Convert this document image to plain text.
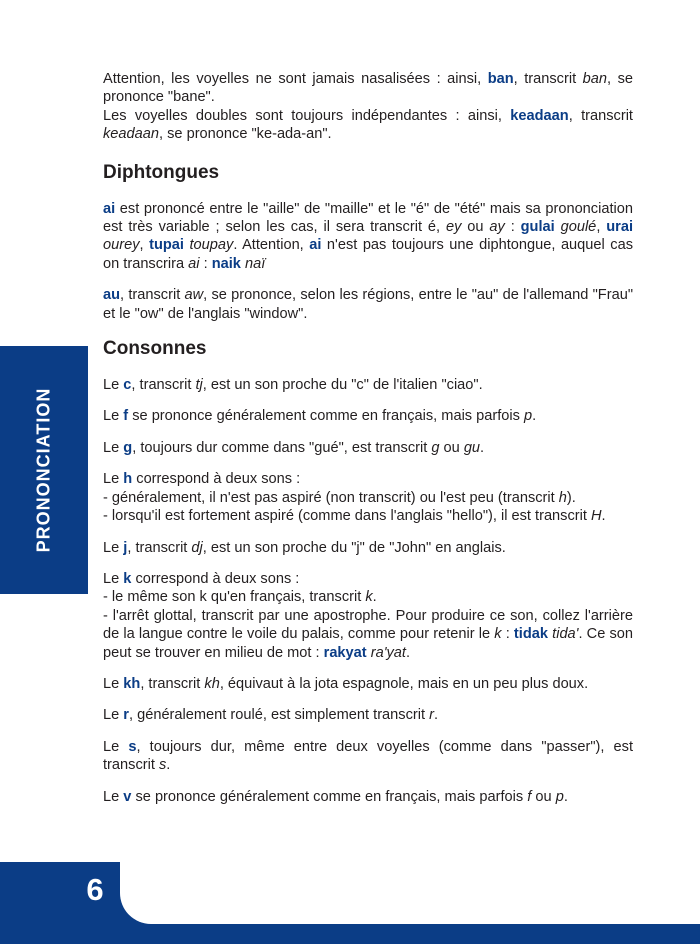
PRONONCIATION
6

Attention, les voyelles ne sont jamais nasalisées : ainsi, ban, transcrit ban, se prononce "bane".

Les voyelles doubles sont toujours indépendantes : ainsi, keadaan, transcrit keadaan, se prononce "ke-ada-an".

Diphtongues

ai est prononcé entre le "aille" de "maille" et le "é" de "été" mais sa prononciation est très variable ; selon les cas, il sera transcrit é, ey ou ay : gulai goulé, urai ourey, tupai toupay. Attention, ai n'est pas toujours une diphtongue, auquel cas on transcrira ai : naik naï

au, transcrit aw, se prononce, selon les régions, entre le "au" de l'allemand "Frau" et le "ow" de l'anglais "window".

Consonnes

Le c, transcrit tj, est un son proche du "c" de l'italien "ciao".

Le f se prononce généralement comme en français, mais parfois p.

Le g, toujours dur comme dans "gué", est transcrit g ou gu.

Le h correspond à deux sons :
- généralement, il n'est pas aspiré (non transcrit) ou l'est peu (transcrit h).
- lorsqu'il est fortement aspiré (comme dans l'anglais "hello"), il est transcrit H.

Le j, transcrit dj, est un son proche du "j" de "John" en anglais.

Le k correspond à deux sons :
- le même son k qu'en français, transcrit k.
- l'arrêt glottal, transcrit par une apostrophe. Pour produire ce son, collez l'arrière de la langue contre le voile du palais, comme pour retenir le k : tidak tida'. Ce son peut se trouver en milieu de mot : rakyat ra'yat.

Le kh, transcrit kh, équivaut à la jota espagnole, mais en un peu plus doux.

Le r, généralement roulé, est simplement transcrit r.

Le s, toujours dur, même entre deux voyelles (comme dans "passer"), est transcrit s.

Le v se prononce généralement comme en français, mais parfois f ou p.
